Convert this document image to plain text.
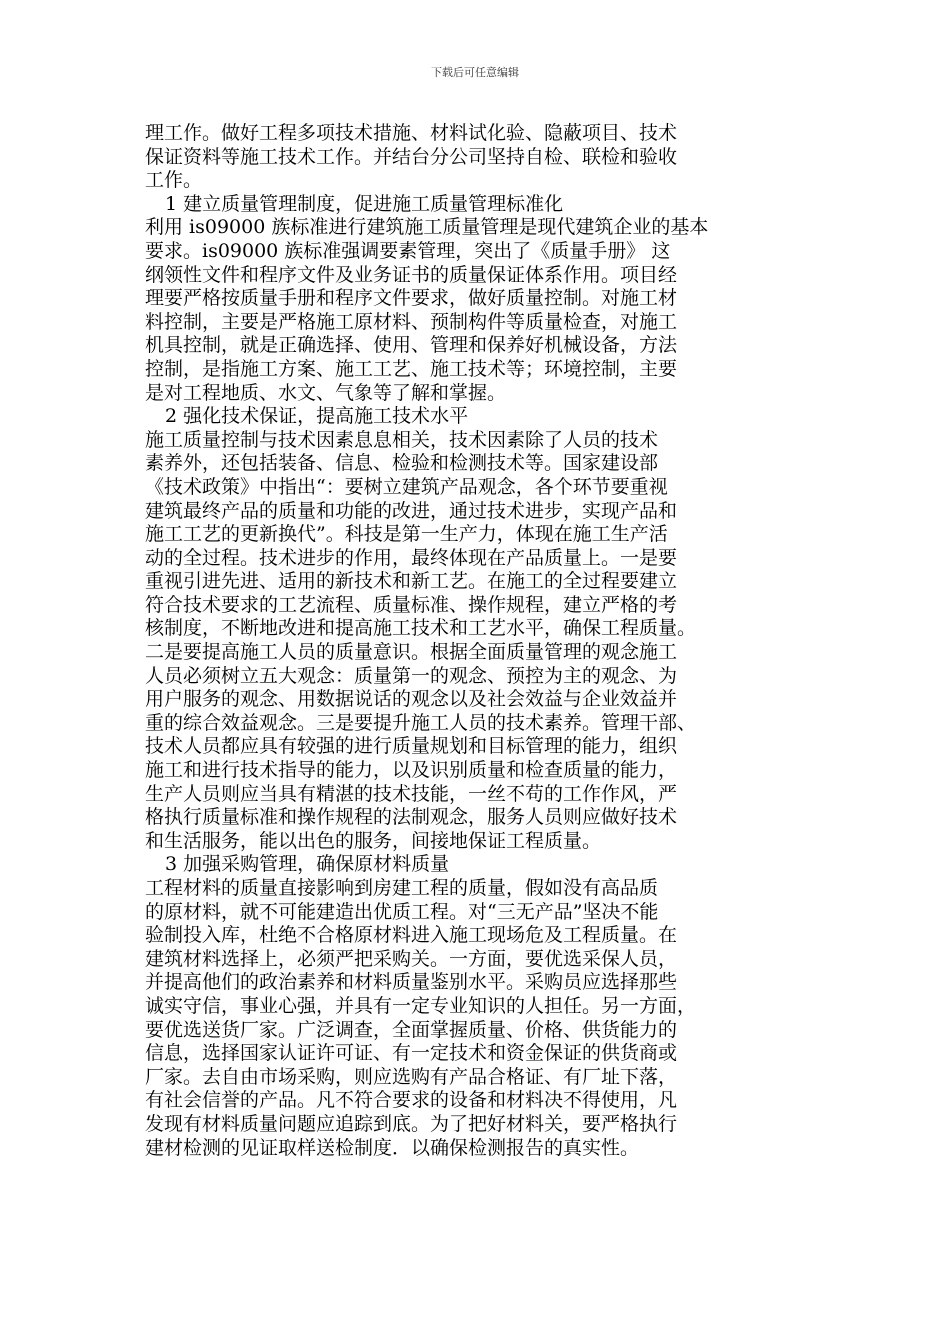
下载后可任意编辑
理工作。做好工程多项技术措施、材料试化验、隐蔽项目、技术
保证资料等施工技术工作。并结台分公司坚持自检、联检和验收
工作。
1 建立质量管理制度，促进施工质量管理标准化
利用 is09000 族标准进行建筑施工质量管理是现代建筑企业的基本
要求。is09000 族标准强调要素管理，突出了《质量手册》 这
纲领性文件和程序文件及业务证书的质量保证体系作用。项目经
理要严格按质量手册和程序文件要求，做好质量控制。对施工材
料控制，主要是严格施工原材料、预制构件等质量检查，对施工
机具控制，就是正确选择、使用、管理和保养好机械设备，方法
控制，是指施工方案、施工工艺、施工技术等；环境控制，主要
是对工程地质、水文、气象等了解和掌握。
2 强化技术保证，提高施工技术水平
施工质量控制与技术因素息息相关，技术因素除了人员的技术
素养外，还包括装备、信息、检验和检测技术等。国家建设部
《技术政策》中指出“：要树立建筑产品观念，各个环节要重视
建筑最终产品的质量和功能的改进，通过技术进步，实现产品和
施工工艺的更新换代”。科技是第一生产力，体现在施工生产活
动的全过程。技术进步的作用，最终体现在产品质量上。一是要
重视引进先进、适用的新技术和新工艺。在施工的全过程要建立
符合技术要求的工艺流程、质量标准、操作规程，建立严格的考
核制度，不断地改进和提高施工技术和工艺水平，确保工程质量。
二是要提高施工人员的质量意识。根据全面质量管理的观念施工
人员必须树立五大观念：质量第一的观念、预控为主的观念、为
用户服务的观念、用数据说话的观念以及社会效益与企业效益并
重的综合效益观念。三是要提升施工人员的技术素养。管理干部、
技术人员都应具有较强的进行质量规划和目标管理的能力，组织
施工和进行技术指导的能力，以及识别质量和检查质量的能力，
生产人员则应当具有精湛的技术技能，一丝不苟的工作作风，严
格执行质量标准和操作规程的法制观念，服务人员则应做好技术
和生活服务，能以出色的服务，间接地保证工程质量。
3 加强采购管理，确保原材料质量
工程材料的质量直接影响到房建工程的质量，假如没有高品质
的原材料，就不可能建造出优质工程。对“三无产品”坚决不能
验制投入库，杜绝不合格原材料进入施工现场危及工程质量。在
建筑材料选择上，必须严把采购关。一方面，要优选采保人员，
并提高他们的政治素养和材料质量鉴别水平。采购员应选择那些
诚实守信，事业心强，并具有一定专业知识的人担任。另一方面，
要优选送货厂家。广泛调查，全面掌握质量、价格、供货能力的
信息，选择国家认证许可证、有一定技术和资金保证的供货商或
厂家。去自由市场采购，则应选购有产品合格证、有厂址下落，
有社会信誉的产品。凡不符合要求的设备和材料决不得使用，凡
发现有材料质量问题应追踪到底。为了把好材料关，要严格执行
建材检测的见证取样送检制度．以确保检测报告的真实性。
